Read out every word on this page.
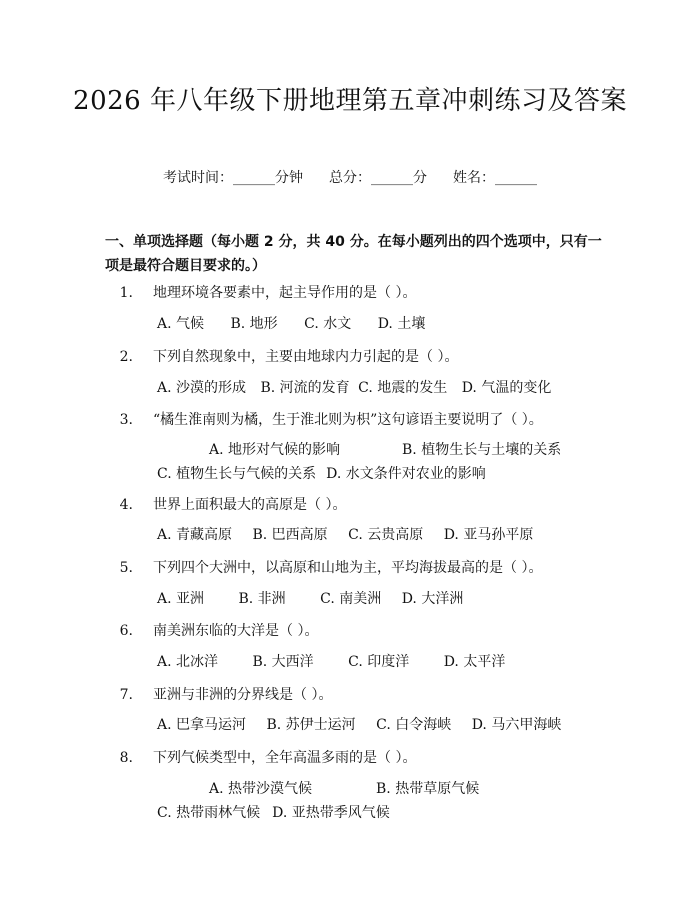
2026 年八年级下册地理第五章冲刺练习及答案
考试时间：______分钟 总分：______分 姓名：______
一、单项选择题（每小题 2 分，共 40 分。在每小题列出的四个选项中，只有一项是最符合题目要求的。）
1. 地理环境各要素中，起主导作用的是（ ）。
A. 气候 B. 地形 C. 水文 D. 土壤
2. 下列自然现象中，主要由地球内力引起的是（ ）。
A. 沙漠的形成 B. 河流的发育 C. 地震的发生 D. 气温的变化
3. “橘生淮南则为橘，生于淮北则为枳”这句谚语主要说明了（ ）。
A. 地形对气候的影响	B. 植物生长与土壤的关系C. 植物生长与气候的关系 D. 水文条件对农业的影响
4. 世界上面积最大的高原是（ ）。
A. 青藏高原 B. 巴西高原 C. 云贵高原 D. 亚马孙平原
5. 下列四个大洲中，以高原和山地为主，平均海拔最高的是（ ）。
A. 亚洲 B. 非洲 C. 南美洲 D. 大洋洲
6. 南美洲东临的大洋是（ ）。
A. 北冰洋 B. 大西洋 C. 印度洋 D. 太平洋
7. 亚洲与非洲的分界线是（ ）。
A. 巴拿马运河 B. 苏伊士运河 C. 白令海峡 D. 马六甲海峡
8. 下列气候类型中，全年高温多雨的是（ ）。
A. 热带沙漠气候	B. 热带草原气候C. 热带雨林气候 D. 亚热带季风气候
